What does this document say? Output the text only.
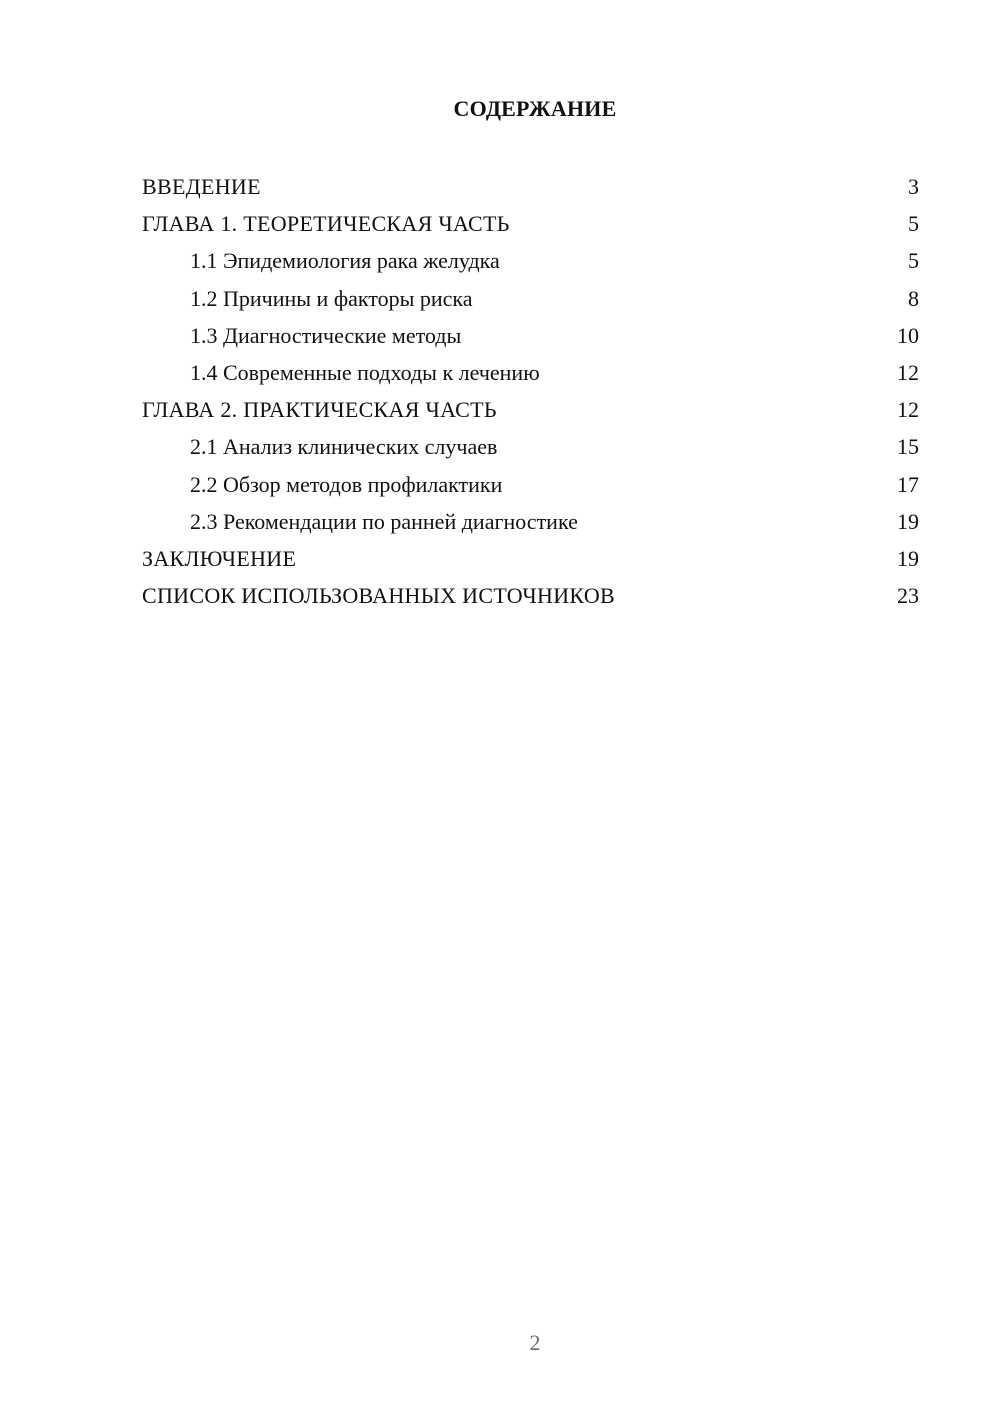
СОДЕРЖАНИЕ
ВВЕДЕНИЕ	3
ГЛАВА 1. ТЕОРЕТИЧЕСКАЯ ЧАСТЬ	5
1.1 Эпидемиология рака желудка	5
1.2 Причины и факторы риска	8
1.3 Диагностические методы	10
1.4 Современные подходы к лечению	12
ГЛАВА 2. ПРАКТИЧЕСКАЯ ЧАСТЬ	12
2.1 Анализ клинических случаев	15
2.2 Обзор методов профилактики	17
2.3 Рекомендации по ранней диагностике	19
ЗАКЛЮЧЕНИЕ	19
СПИСОК ИСПОЛЬЗОВАННЫХ ИСТОЧНИКОВ	23
2
